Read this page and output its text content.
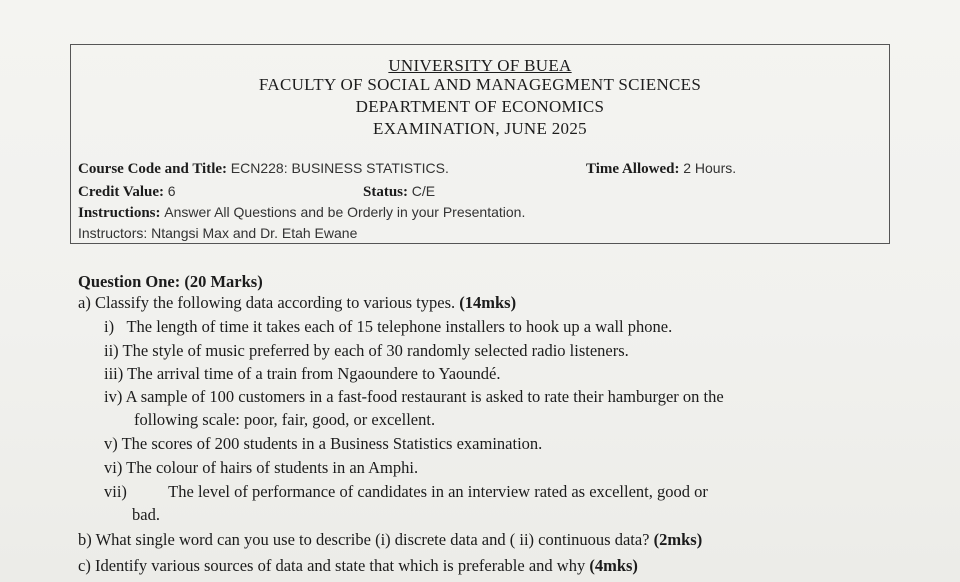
UNIVERSITY OF BUEA
FACULTY OF SOCIAL AND MANAGEGMENT SCIENCES
DEPARTMENT OF ECONOMICS
EXAMINATION, JUNE 2025
Course Code and Title: ECN228: BUSINESS STATISTICS.	Time Allowed: 2 Hours.
Credit Value: 6	Status: C/E
Instructions: Answer All Questions and be Orderly in your Presentation.
Instructors: Ntangsi Max and Dr. Etah Ewane
Question One: (20 Marks)
a) Classify the following data according to various types. (14mks)
i) The length of time it takes each of 15 telephone installers to hook up a wall phone.
ii) The style of music preferred by each of 30 randomly selected radio listeners.
iii) The arrival time of a train from Ngaoundere to Yaoundé.
iv) A sample of 100 customers in a fast-food restaurant is asked to rate their hamburger on the
following scale: poor, fair, good, or excellent.
v) The scores of 200 students in a Business Statistics examination.
vi) The colour of hairs of students in an Amphi.
vii)	The level of performance of candidates in an interview rated as excellent, good or
bad.
b) What single word can you use to describe (i) discrete data and ( ii) continuous data? (2mks)
c) Identify various sources of data and state that which is preferable and why (4mks)
